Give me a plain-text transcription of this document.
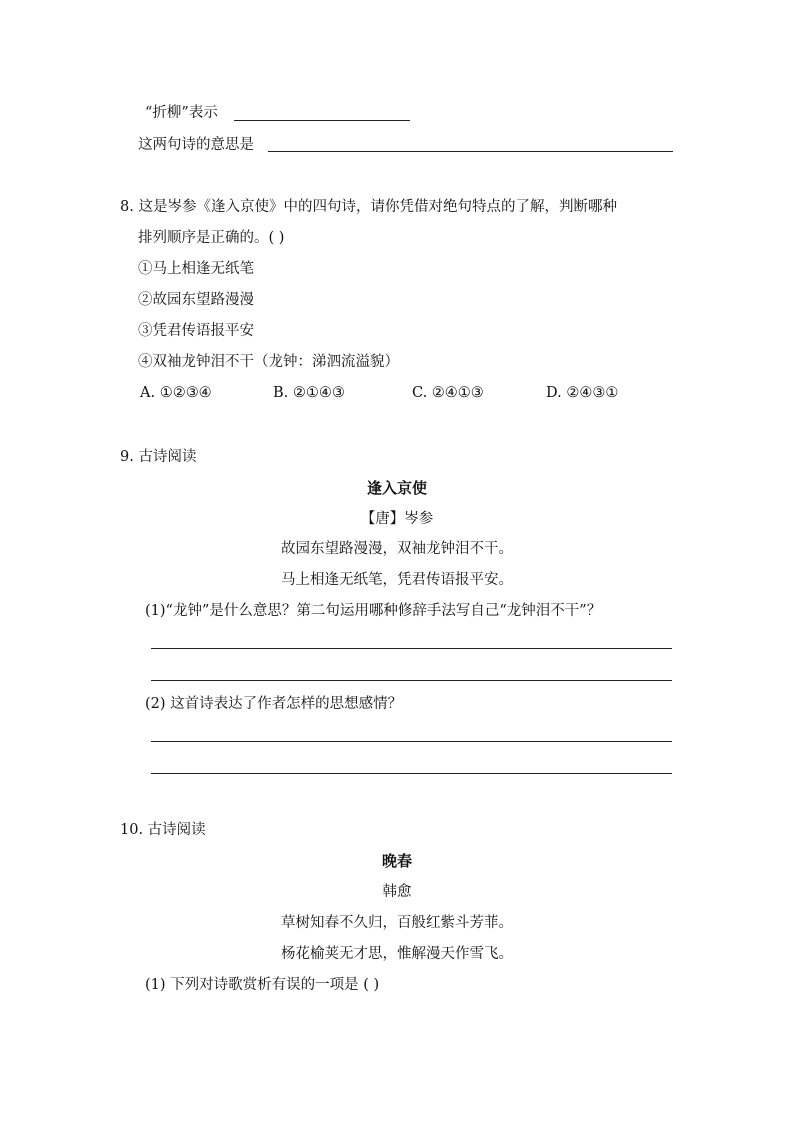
“折柳”表示
这两句诗的意思是
8. 这是岑参《逢入京使》中的四句诗，请你凭借对绝句特点的了解，判断哪种
排列顺序是正确的。( )
①马上相逢无纸笔
②故园东望路漫漫
③凭君传语报平安
④双袖龙钟泪不干（龙钟：涕泗流溢貌）
A. ①②③④	B. ②①④③	C. ②④①③	D. ②④③①
9. 古诗阅读
逢入京使
【唐】岑参
故园东望路漫漫，双袖龙钟泪不干。
马上相逢无纸笔，凭君传语报平安。
(1)“龙钟”是什么意思？第二句运用哪种修辞手法写自己“龙钟泪不干”？
(2) 这首诗表达了作者怎样的思想感情？
10. 古诗阅读
晚春
韩愈
草树知春不久归，百般红紫斗芳菲。
杨花榆荚无才思，惟解漫天作雪飞。
(1) 下列对诗歌赏析有误的一项是 ( )
